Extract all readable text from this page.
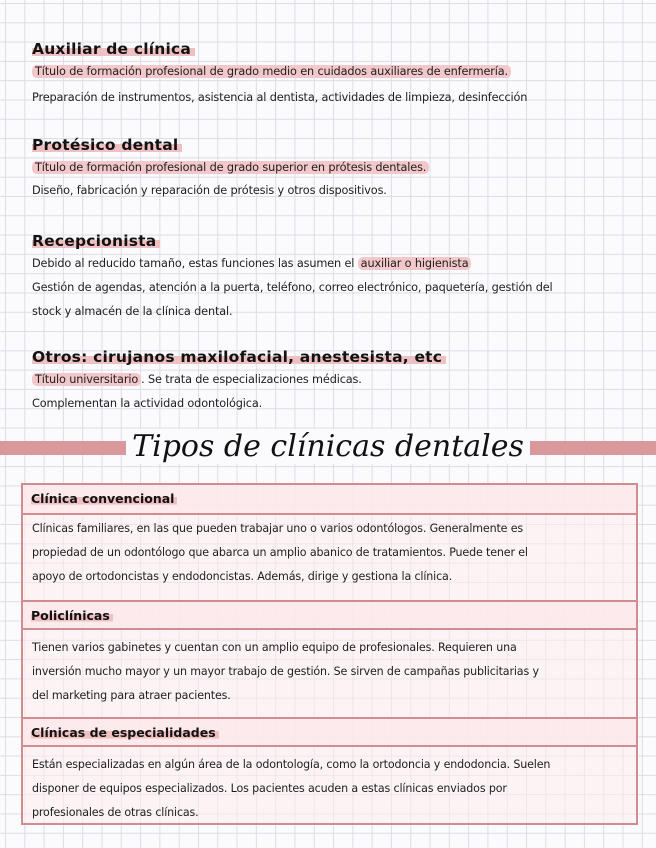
Auxiliar de clínica

Título de formación profesional de grado medio en cuidados auxiliares de enfermería.

Preparación de instrumentos, asistencia al dentista, actividades de limpieza, desinfección

Protésico dental

Título de formación profesional de grado superior en prótesis dentales.

Diseño, fabricación y reparación de prótesis y otros dispositivos.

Recepcionista

Debido al reducido tamaño, estas funciones las asumen el auxiliar o higienista

Gestión de agendas, atención a la puerta, teléfono, correo electrónico, paquetería, gestión del

stock y almacén de la clínica dental.

Otros: cirujanos maxilofacial, anestesista, etc

Título universitario . Se trata de especializaciones médicas.

Complementan la actividad odontológica.

Tipos de clínicas dentales
Clínica convencional

Clínicas familiares, en las que pueden trabajar uno o varios odontólogos. Generalmente es

propiedad de un odontólogo que abarca un amplio abanico de tratamientos. Puede tener el

apoyo de ortodoncistas y endodoncistas. Además, dirige y gestiona la clínica.

Policlínicas

Tienen varios gabinetes y cuentan con un amplio equipo de profesionales. Requieren una

inversión mucho mayor y un mayor trabajo de gestión. Se sirven de campañas publicitarias y

del marketing para atraer pacientes.

Clínicas de especialidades

Están especializadas en algún área de la odontología, como la ortodoncia y endodoncia. Suelen

disponer de equipos especializados. Los pacientes acuden a estas clínicas enviados por

profesionales de otras clínicas.
